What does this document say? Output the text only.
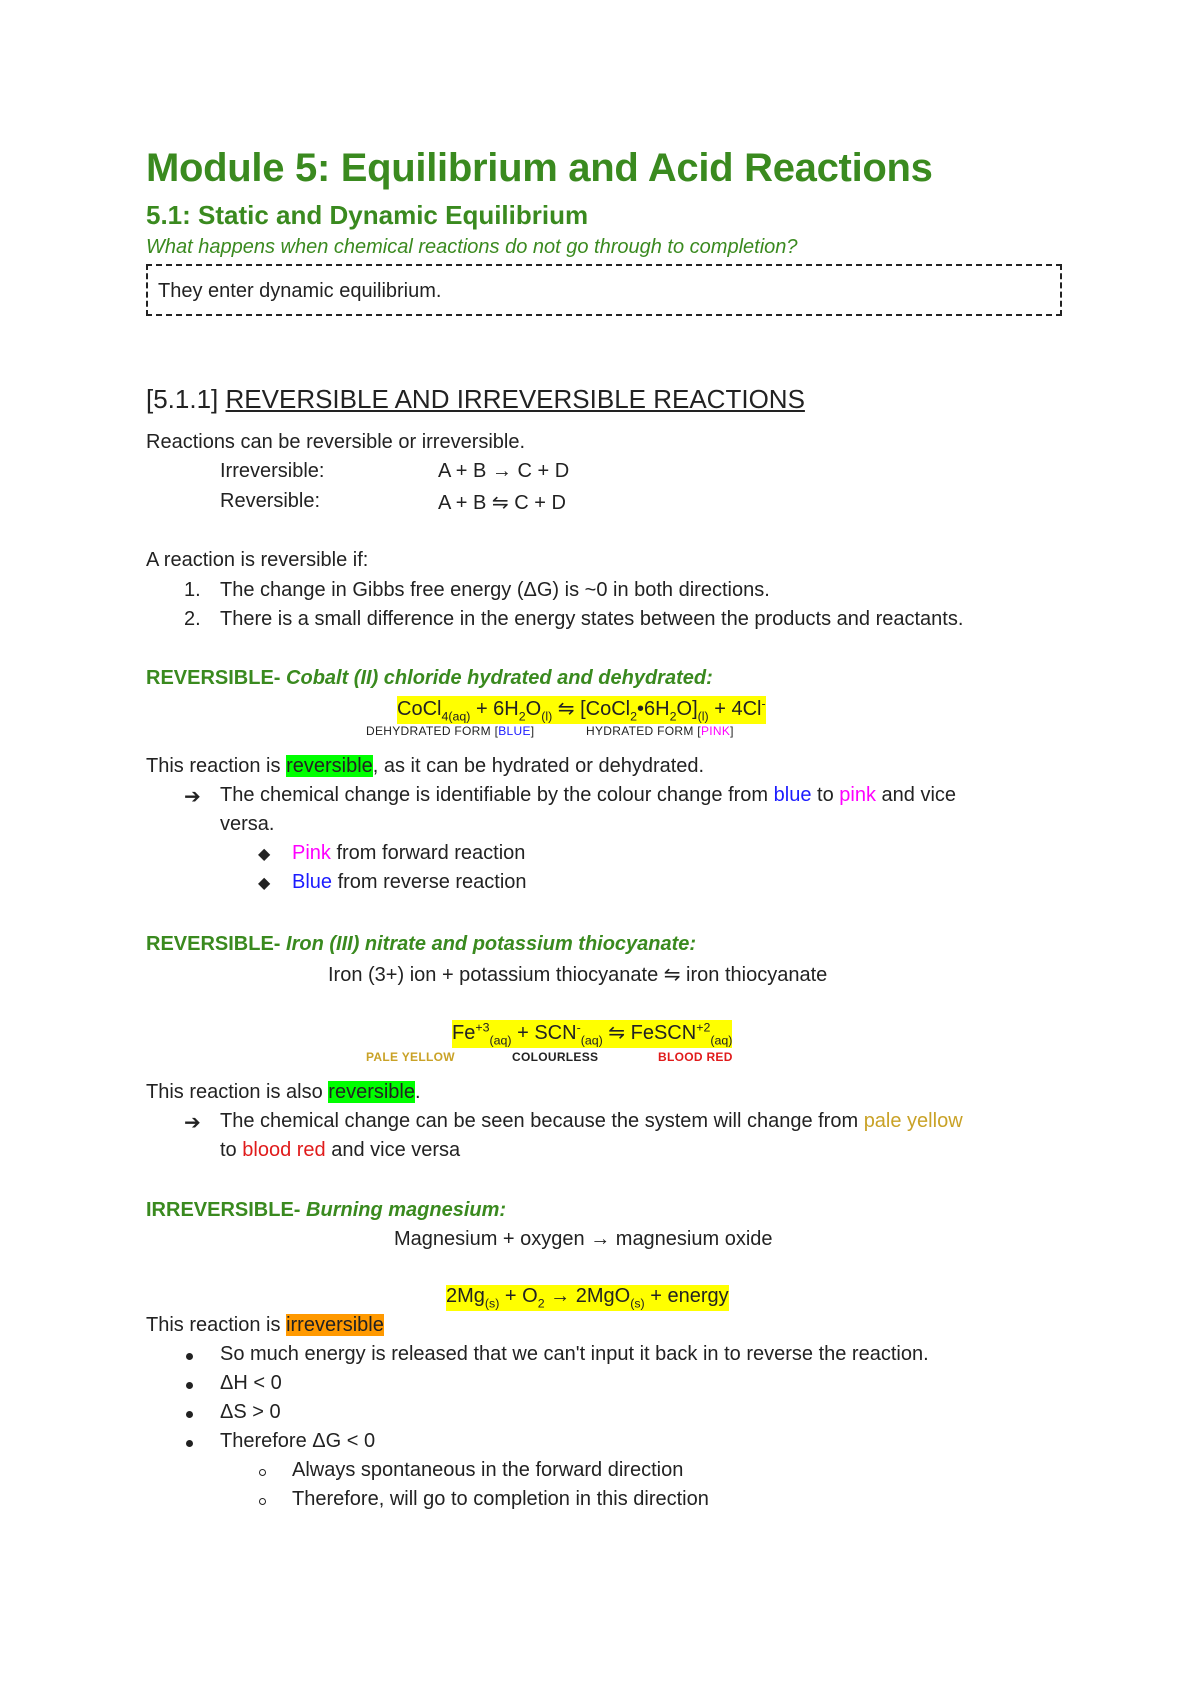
Module 5: Equilibrium and Acid Reactions
5.1: Static and Dynamic Equilibrium
What happens when chemical reactions do not go through to completion?
They enter dynamic equilibrium.
[5.1.1] REVERSIBLE AND IRREVERSIBLE REACTIONS
Reactions can be reversible or irreversible.
Irreversible:	A + B → C + D
Reversible:	A + B ⇋ C + D
A reaction is reversible if:
1. The change in Gibbs free energy (ΔG) is ~0 in both directions.
2. There is a small difference in the energy states between the products and reactants.
REVERSIBLE- Cobalt (II) chloride hydrated and dehydrated:
CoCl$_{4(aq)}$ + $6H_2O_{(l)}$ ⇋ $[CoCl_2•6H_2O]_{(l)} + 4Cl^-$
DEHYDRATED FORM [BLUE]	HYDRATED FORM [PINK]
This reaction is reversible, as it can be hydrated or dehydrated.
➔ The chemical change is identifiable by the colour change from blue to pink and vice
versa.
◆ Pink from forward reaction
◆ Blue from reverse reaction
REVERSIBLE- Iron (III) nitrate and potassium thiocyanate:
Iron (3+) ion + potassium thiocyanate ⇋ iron thiocyanate
$Fe^{+3}_{(aq)} + SCN^-_{(aq)}$ ⇋ FeSCN$^{+2}_{(aq)}$
PALE YELLOW	COLOURLESS	BLOOD RED
This reaction is also reversible.
➔ The chemical change can be seen because the system will change from pale yellow
to blood red and vice versa
IRREVERSIBLE- Burning magnesium:
Magnesium + oxygen → magnesium oxide
$2Mg_{(s)} + O_2 \to 2MgO_{(s)}$ + energy
This reaction is irreversible
So much energy is released that we can't input it back in to reverse the reaction.
ΔH < 0
ΔS > 0
Therefore ΔG < 0
Always spontaneous in the forward direction
Therefore, will go to completion in this direction
